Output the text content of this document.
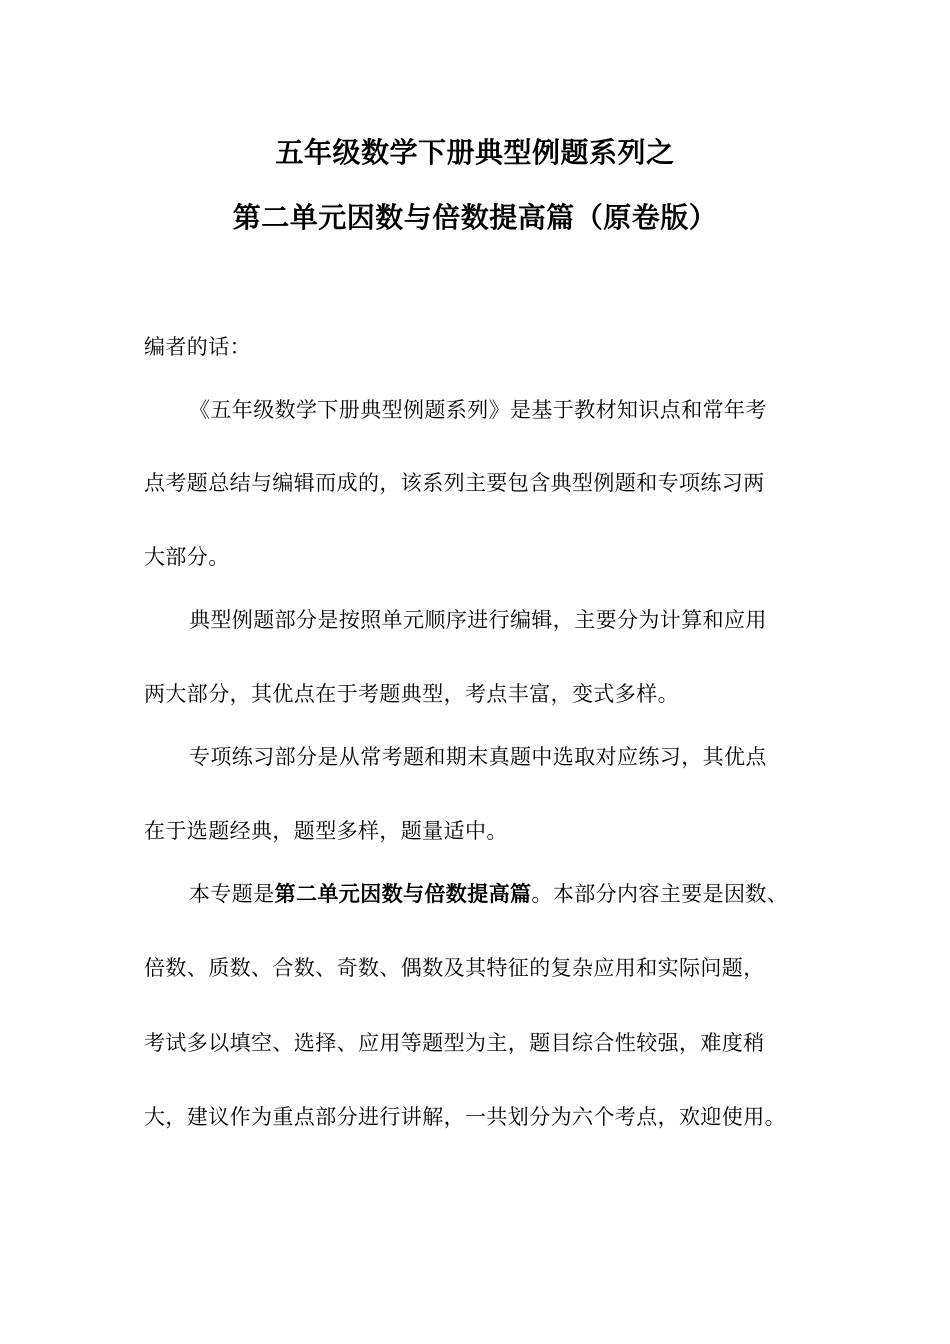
五年级数学下册典型例题系列之
第二单元因数与倍数提高篇（原卷版）
编者的话：
《五年级数学下册典型例题系列》是基于教材知识点和常年考
点考题总结与编辑而成的，该系列主要包含典型例题和专项练习两
大部分。
典型例题部分是按照单元顺序进行编辑，主要分为计算和应用
两大部分，其优点在于考题典型，考点丰富，变式多样。
专项练习部分是从常考题和期末真题中选取对应练习，其优点
在于选题经典，题型多样，题量适中。
本专题是第二单元因数与倍数提高篇。本部分内容主要是因数、
倍数、质数、合数、奇数、偶数及其特征的复杂应用和实际问题，
考试多以填空、选择、应用等题型为主，题目综合性较强，难度稍
大，建议作为重点部分进行讲解，一共划分为六个考点，欢迎使用。
